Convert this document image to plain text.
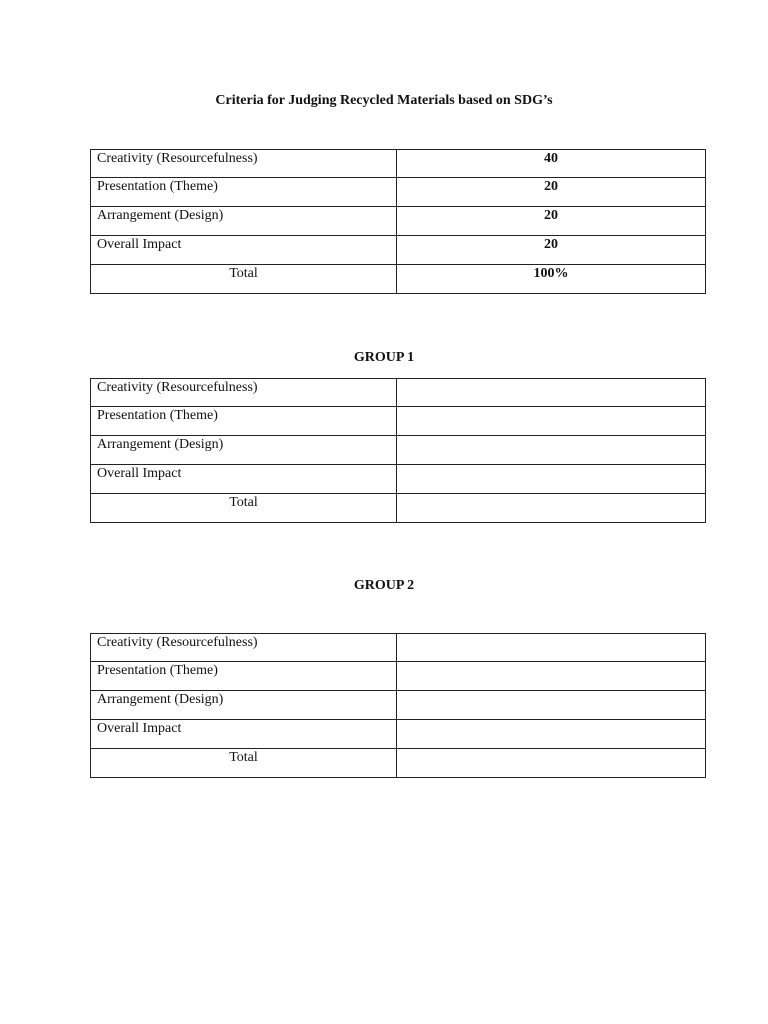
Criteria for Judging Recycled Materials based on SDG’s
Creativity (Resourcefulness)	40
Presentation (Theme)	20
Arrangement (Design)	20
Overall Impact	20
Total	100%
GROUP 1
Creativity (Resourcefulness)	
Presentation (Theme)	
Arrangement (Design)	
Overall Impact	
Total	
GROUP 2
Creativity (Resourcefulness)	
Presentation (Theme)	
Arrangement (Design)	
Overall Impact	
Total	
